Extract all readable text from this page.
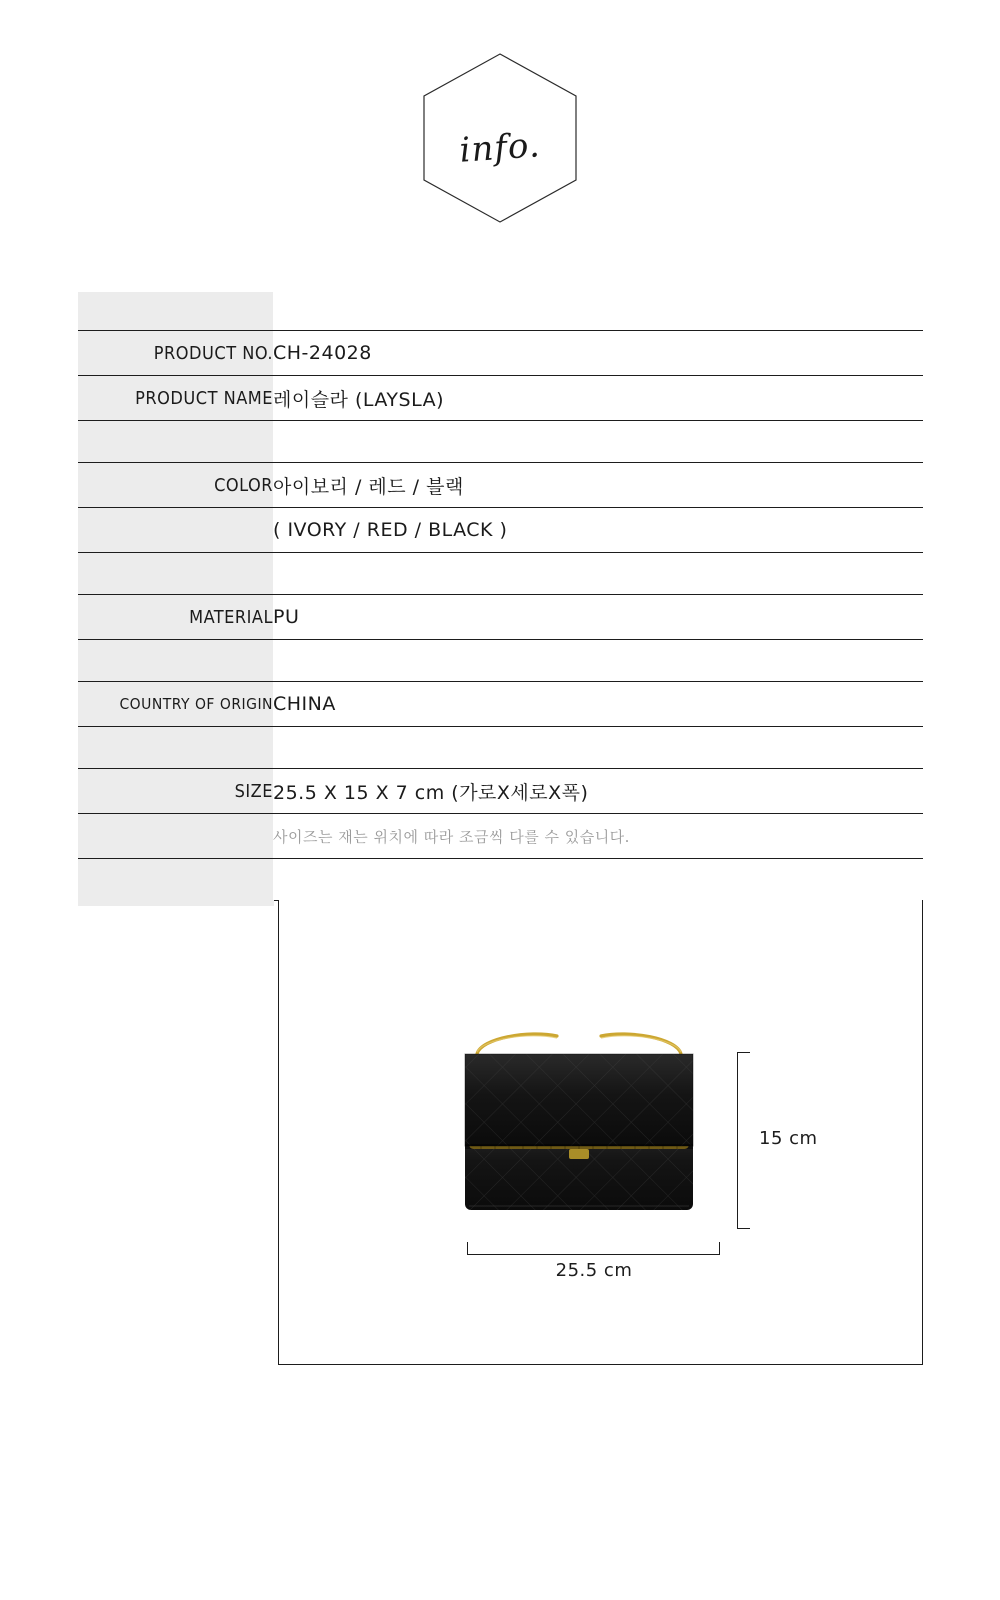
info.
PRODUCT NO.	CH-24028
PRODUCT NAME	레이슬라 (LAYSLA)

COLOR	아이보리 / 레드 / 블랙
	( IVORY / RED / BLACK )

MATERIAL	PU

COUNTRY OF ORIGIN	CHINA

SIZE	25.5 X 15 X 7 cm (가로X세로X폭)
	사이즈는 재는 위치에 따라 조금씩 다를 수 있습니다.

15 cm
25.5 cm
